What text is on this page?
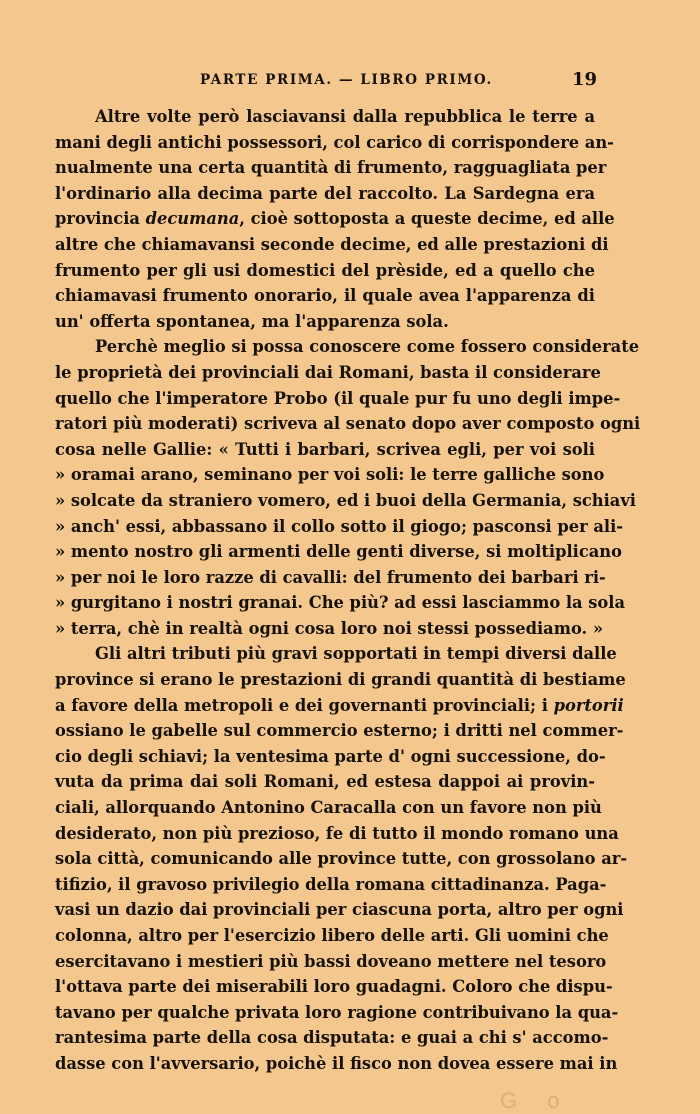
PARTE PRIMA. — LIBRO PRIMO.	19
Altre volte però lasciavansi dalla repubblica le terre a
mani degli antichi possessori, col carico di corrispondere an-
nualmente una certa quantità di frumento, ragguagliata per
l'ordinario alla decima parte del raccolto. La Sardegna era
provincia decumana, cioè sottoposta a queste decime, ed alle
altre che chiamavansi seconde decime, ed alle prestazioni di
frumento per gli usi domestici del prèside, ed a quello che
chiamavasi frumento onorario, il quale avea l'apparenza di
un' offerta spontanea, ma l'apparenza sola.
Perchè meglio si possa conoscere come fossero considerate
le proprietà dei provinciali dai Romani, basta il considerare
quello che l'imperatore Probo (il quale pur fu uno degli impe-
ratori più moderati) scriveva al senato dopo aver composto ogni
cosa nelle Gallie: « Tutti i barbari, scrivea egli, per voi soli
» oramai arano, seminano per voi soli: le terre galliche sono
» solcate da straniero vomero, ed i buoi della Germania, schiavi
» anch' essi, abbassano il collo sotto il giogo; pasconsi per ali-
» mento nostro gli armenti delle genti diverse, si moltiplicano
» per noi le loro razze di cavalli: del frumento dei barbari ri-
» gurgitano i nostri granai. Che più? ad essi lasciammo la sola
» terra, chè in realtà ogni cosa loro noi stessi possediamo. »
Gli altri tributi più gravi sopportati in tempi diversi dalle
province si erano le prestazioni di grandi quantità di bestiame
a favore della metropoli e dei governanti provinciali; i portorii
ossiano le gabelle sul commercio esterno; i dritti nel commer-
cio degli schiavi; la ventesima parte d' ogni successione, do-
vuta da prima dai soli Romani, ed estesa dappoi ai provin-
ciali, allorquando Antonino Caracalla con un favore non più
desiderato, non più prezioso, fe di tutto il mondo romano una
sola città, comunicando alle province tutte, con grossolano ar-
tifizio, il gravoso privilegio della romana cittadinanza. Paga-
vasi un dazio dai provinciali per ciascuna porta, altro per ogni
colonna, altro per l'esercizio libero delle arti. Gli uomini che
esercitavano i mestieri più bassi doveano mettere nel tesoro
l'ottava parte dei miserabili loro guadagni. Coloro che dispu-
tavano per qualche privata loro ragione contribuivano la qua-
rantesima parte della cosa disputata: e guai a chi s' accomo-
dasse con l'avversario, poichè il fisco non dovea essere mai in
G o
